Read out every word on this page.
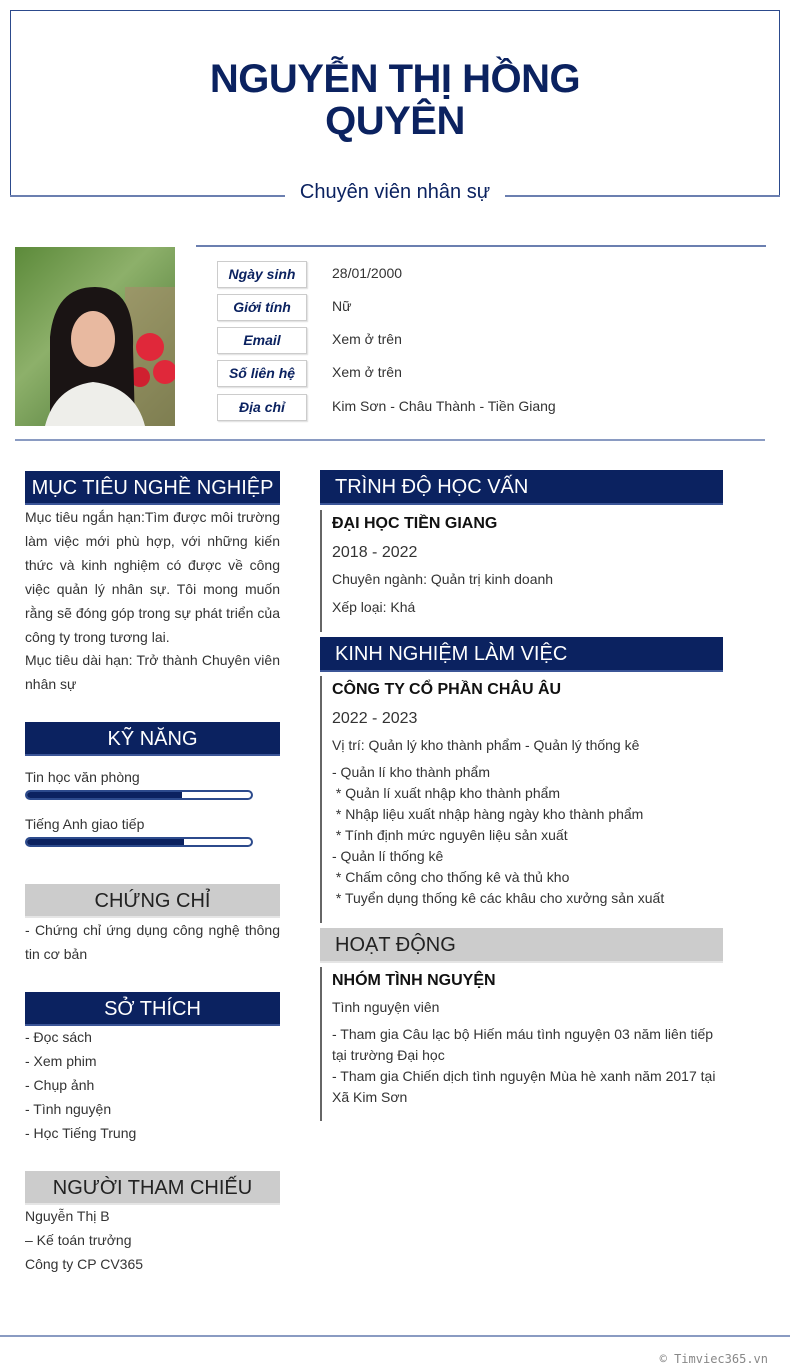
NGUYỄN THỊ HỒNG QUYÊN
Chuyên viên nhân sự
Ngày sinh	28/01/2000
Giới tính	Nữ
Email	Xem ở trên
Số liên hệ	Xem ở trên
Địa chỉ	Kim Sơn - Châu Thành - Tiền Giang
MỤC TIÊU NGHỀ NGHIỆP
Mục tiêu ngắn hạn:Tìm được môi trường làm việc mới phù hợp, với những kiến thức và kinh nghiệm có được về công việc quản lý nhân sự. Tôi mong muốn rằng sẽ đóng góp trong sự phát triển của công ty trong tương lai.
Mục tiêu dài hạn: Trở thành Chuyên viên nhân sự
KỸ NĂNG
Tin học văn phòng
Tiếng Anh giao tiếp
CHỨNG CHỈ
- Chứng chỉ ứng dụng công nghệ thông tin cơ bản
SỞ THÍCH
- Đọc sách
- Xem phim
- Chụp ảnh
- Tình nguyện
- Học Tiếng Trung
NGƯỜI THAM CHIẾU
Nguyễn Thị B
– Kế toán trưởng
Công ty CP CV365
TRÌNH ĐỘ HỌC VẤN
ĐẠI HỌC TIỀN GIANG
2018 - 2022
Chuyên ngành: Quản trị kinh doanh
Xếp loại: Khá
KINH NGHIỆM LÀM VIỆC
CÔNG TY CỔ PHẦN CHÂU ÂU
2022 - 2023
Vị trí: Quản lý kho thành phẩm - Quản lý thống kê
- Quản lí kho thành phẩm
* Quản lí xuất nhập kho thành phẩm
* Nhập liệu xuất nhập hàng ngày kho thành phẩm
* Tính định mức nguyên liệu sản xuất
- Quản lí thống kê
* Chấm công cho thống kê và thủ kho
* Tuyển dụng thống kê các khâu cho xưởng sản xuất
HOẠT ĐỘNG
NHÓM TÌNH NGUYỆN
Tình nguyện viên
- Tham gia Câu lạc bộ Hiến máu tình nguyện 03 năm liên tiếp tại trường Đại học
- Tham gia Chiến dịch tình nguyện Mùa hè xanh năm 2017 tại Xã Kim Sơn
© Timviec365.vn
